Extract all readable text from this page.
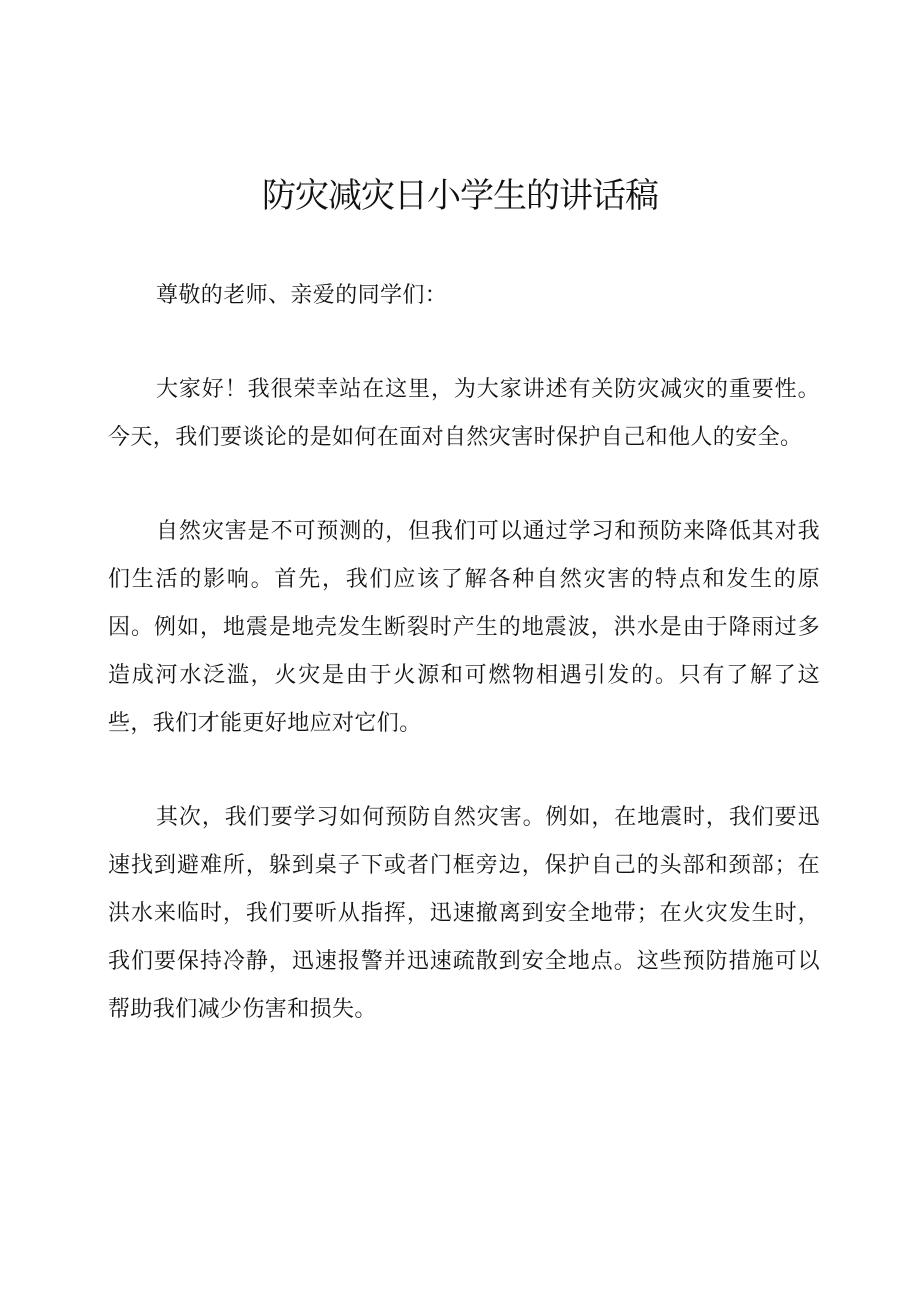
防灾减灾日小学生的讲话稿

尊敬的老师、亲爱的同学们：

大家好！我很荣幸站在这里，为大家讲述有关防灾减灾的重要性。今天，我们要谈论的是如何在面对自然灾害时保护自己和他人的安全。

自然灾害是不可预测的，但我们可以通过学习和预防来降低其对我们生活的影响。首先，我们应该了解各种自然灾害的特点和发生的原因。例如，地震是地壳发生断裂时产生的地震波，洪水是由于降雨过多造成河水泛滥，火灾是由于火源和可燃物相遇引发的。只有了解了这些，我们才能更好地应对它们。

其次，我们要学习如何预防自然灾害。例如，在地震时，我们要迅速找到避难所，躲到桌子下或者门框旁边，保护自己的头部和颈部；在洪水来临时，我们要听从指挥，迅速撤离到安全地带；在火灾发生时，我们要保持冷静，迅速报警并迅速疏散到安全地点。这些预防措施可以帮助我们减少伤害和损失。
